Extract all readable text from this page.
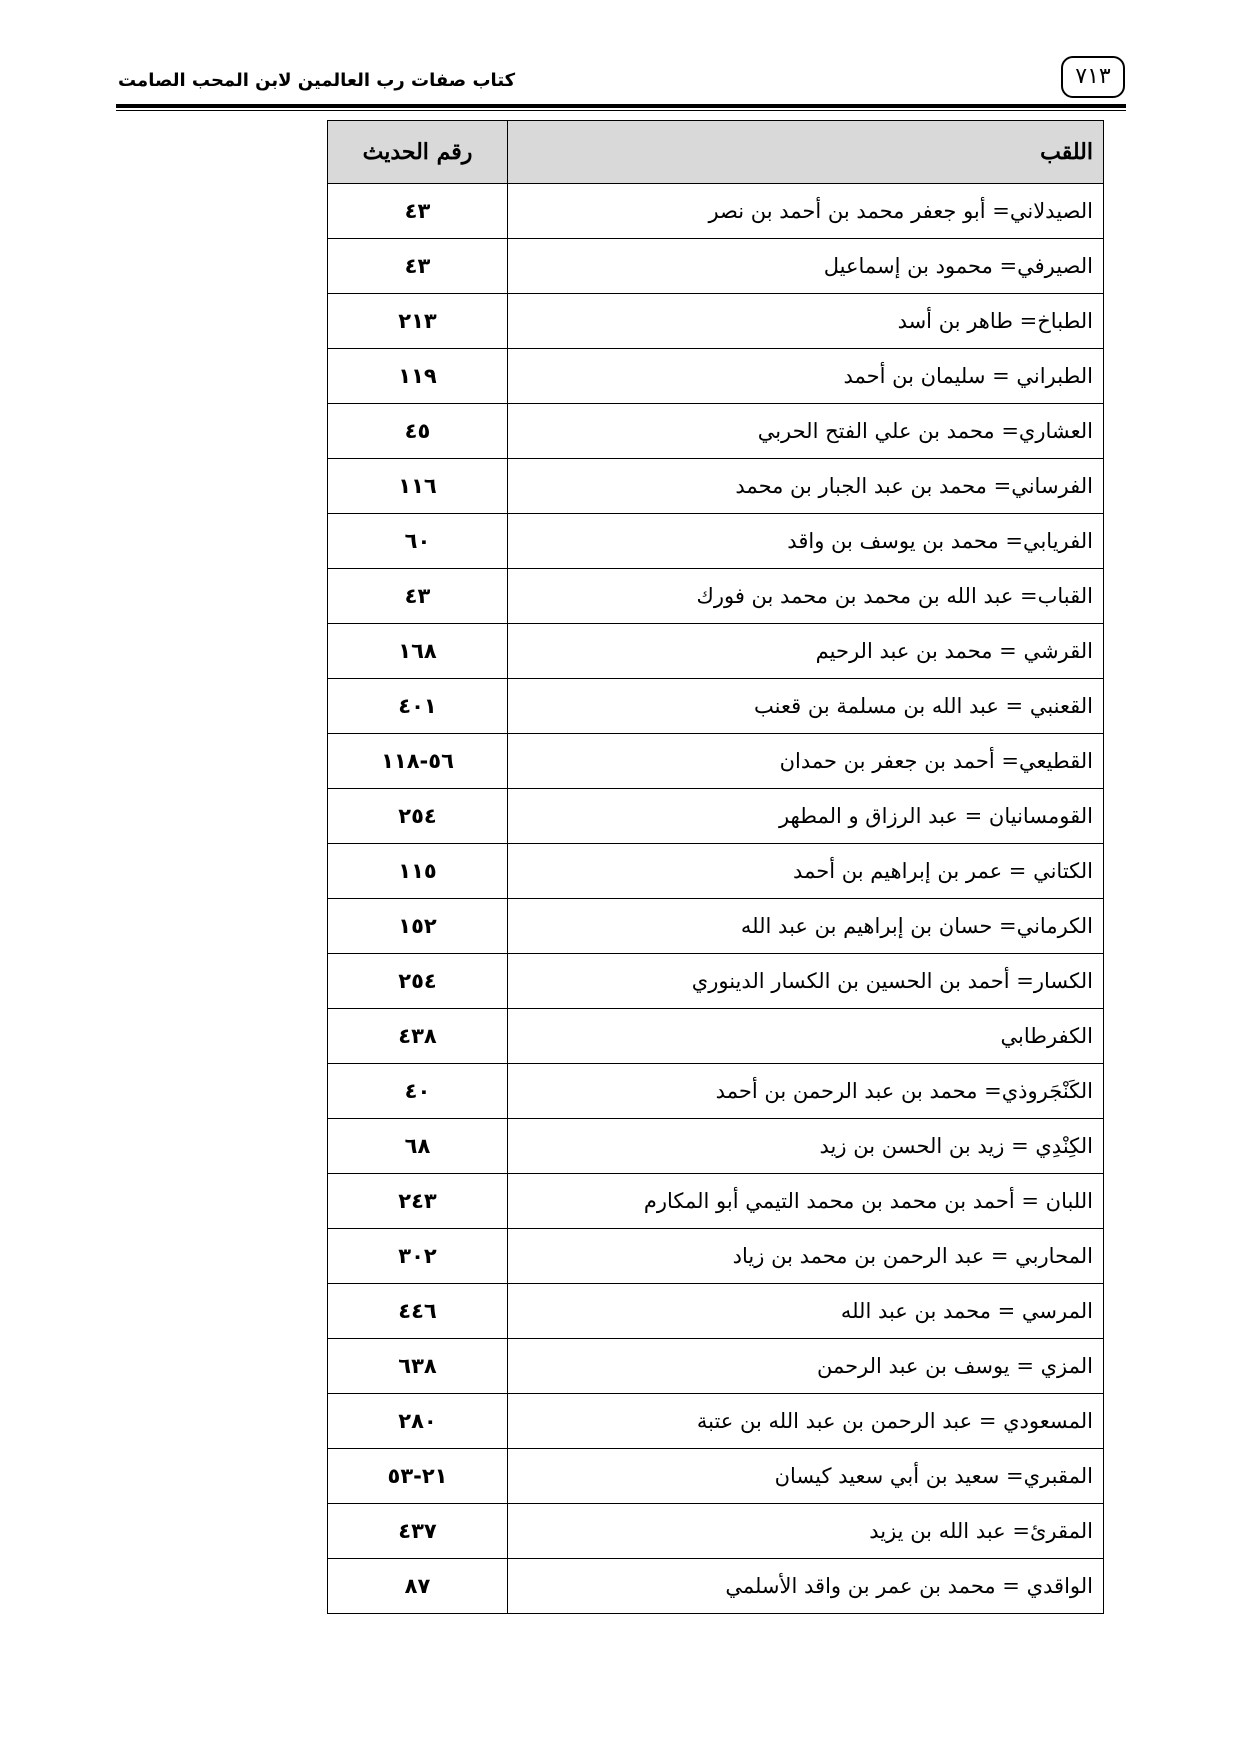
٧١٣
كتاب صفات رب العالمين لابن المحب الصامت
اللقب	رقم الحديث
الصيدلاني= أبو جعفر محمد بن أحمد بن نصر	٤٣
الصيرفي= محمود بن إسماعيل	٤٣
الطباخ= طاهر بن أسد	٢١٣
الطبراني = سليمان بن أحمد	١١٩
العشاري= محمد بن علي الفتح الحربي	٤٥
الفرساني= محمد بن عبد الجبار بن محمد	١١٦
الفريابي= محمد بن يوسف بن واقد	٦٠
القباب= عبد الله بن محمد بن محمد بن فورك	٤٣
القرشي = محمد بن عبد الرحيم	١٦٨
القعنبي = عبد الله بن مسلمة بن قعنب	٤٠١
القطيعي= أحمد بن جعفر بن حمدان	٥٦-١١٨
القومسانيان = عبد الرزاق و المطهر	٢٥٤
الكتاني = عمر بن إبراهيم بن أحمد	١١٥
الكرماني= حسان بن إبراهيم بن عبد الله	١٥٢
الكسار= أحمد بن الحسين بن الكسار الدينوري	٢٥٤
الكفرطابي	٤٣٨
الكَنْجَروذي= محمد بن عبد الرحمن بن أحمد	٤٠
الكِنْدِي = زيد بن الحسن بن زيد	٦٨
اللبان = أحمد بن محمد بن محمد التيمي أبو المكارم	٢٤٣
المحاربي = عبد الرحمن بن محمد بن زياد	٣٠٢
المرسي = محمد بن عبد الله	٤٤٦
المزي = يوسف بن عبد الرحمن	٦٣٨
المسعودي = عبد الرحمن بن عبد الله بن عتبة	٢٨٠
المقبري= سعيد بن أبي سعيد كيسان	٢١-٥٣
المقرئ= عبد الله بن يزيد	٤٣٧
الواقدي = محمد بن عمر بن واقد الأسلمي	٨٧
